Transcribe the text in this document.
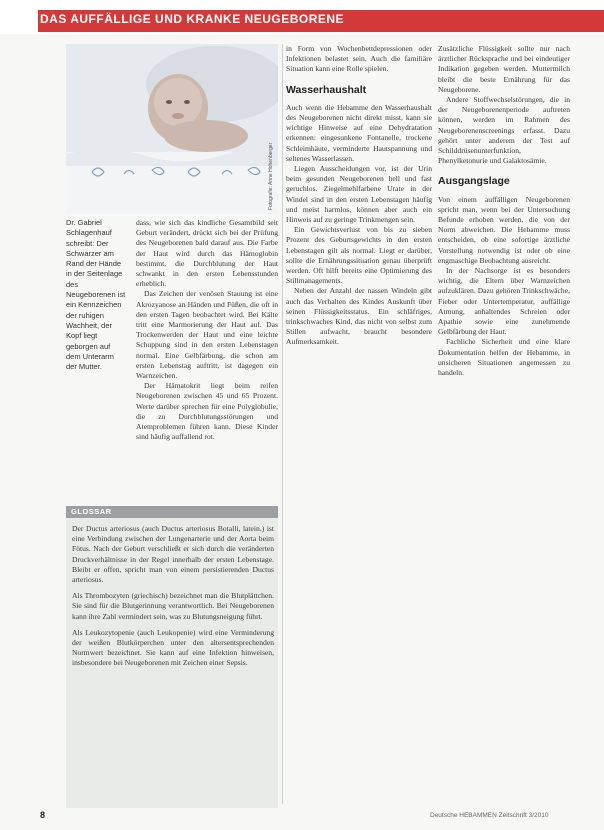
DAS AUFFÄLLIGE UND KRANKE NEUGEBORENE
Fotografie: Anne Hohenberger
Dr. Gabriel Schlagenhauf schreibt: Der Schwarzer am Rand der Hände in der Seitenlage des Neugeborenen ist ein Kennzeichen der ruhigen Wachheit, der Kopf liegt geborgen auf dem Unterarm der Mutter.

dass, wie sich das kindliche Gesamtbild seit Geburt verändert, drückt sich bei der Prüfung des Neugeborenen bald darauf aus. Die Farbe der Haut wird durch das Hämoglobin bestimmt, die Durchblutung der Haut schwankt in den ersten Lebensstunden erheblich.

Das Zeichen der venösen Stauung ist eine Akrozyanose an Händen und Füßen, die oft in den ersten Tagen beobachtet wird. Bei Kälte tritt eine Marmorierung der Haut auf. Das Trockenwerden der Haut und eine leichte Schuppung sind in den ersten Lebenstagen normal. Eine Gelbfärbung, die schon am ersten Lebenstag auftritt, ist dagegen ein Warnzeichen.

Der Hämatokrit liegt beim reifen Neugeborenen zwischen 45 und 65 Prozent. Werte darüber sprechen für eine Polyglobulie, die zu Durchblutungsstörungen und Atemproblemen führen kann. Diese Kinder sind häufig auffallend rot.

GLOSSAR

Der Ductus arteriosus (auch Ductus arteriosus Botalli, latein.) ist eine Verbindung zwischen der Lungenarterie und der Aorta beim Fötus. Nach der Geburt verschließt er sich durch die veränderten Druckverhältnisse in der Regel innerhalb der ersten Lebenstage. Bleibt er offen, spricht man von einem persistierenden Ductus arteriosus.

Als Thrombozyten (griechisch) bezeichnet man die Blutplättchen. Sie sind für die Blutgerinnung verantwortlich. Bei Neugeborenen kann ihre Zahl vermindert sein, was zu Blutungsneigung führt.

Als Leukozytopenie (auch Leukopenie) wird eine Verminderung der weißen Blutkörperchen unter den altersentsprechenden Normwert bezeichnet. Sie kann auf eine Infektion hinweisen, insbesondere bei Neugeborenen mit Zeichen einer Sepsis.

in Form von Wochenbettdepressionen oder Infektionen belastet sein. Auch die familiäre Situation kann eine Rolle spielen.

Wasserhaushalt

Auch wenn die Hebamme den Wasserhaushalt des Neugeborenen nicht direkt misst, kann sie wichtige Hinweise auf eine Dehydratation erkennen: eingesunkene Fontanelle, trockene Schleimhäute, verminderte Hautspannung und seltenes Wasserlassen.

Liegen Ausscheidungen vor, ist der Urin beim gesunden Neugeborenen hell und fast geruchlos. Ziegelmehlfarbene Urate in der Windel sind in den ersten Lebenstagen häufig und meist harmlos, können aber auch ein Hinweis auf zu geringe Trinkmengen sein.

Ein Gewichtsverlust von bis zu sieben Prozent des Geburtsgewichts in den ersten Lebenstagen gilt als normal. Liegt er darüber, sollte die Ernährungssituation genau überprüft werden. Oft hilft bereits eine Optimierung des Stillmanagements.

Neben der Anzahl der nassen Windeln gibt auch das Verhalten des Kindes Auskunft über seinen Flüssigkeitsstatus. Ein schläfriges, trinkschwaches Kind, das nicht von selbst zum Stillen aufwacht, braucht besondere Aufmerksamkeit.

Zusätzliche Flüssigkeit sollte nur nach ärztlicher Rücksprache und bei eindeutiger Indikation gegeben werden. Muttermilch bleibt die beste Ernährung für das Neugeborene.

Andere Stoffwechselstörungen, die in der Neugeborenenperiode auftreten können, werden im Rahmen des Neugeborenenscreenings erfasst. Dazu gehört unter anderem der Test auf Schilddrüsenunterfunktion, Phenylketonurie und Galaktosämie.

Ausgangslage

Von einem auffälligen Neugeborenen spricht man, wenn bei der Untersuchung Befunde erhoben werden, die von der Norm abweichen. Die Hebamme muss entscheiden, ob eine sofortige ärztliche Vorstellung notwendig ist oder ob eine engmaschige Beobachtung ausreicht.

In der Nachsorge ist es besonders wichtig, die Eltern über Warnzeichen aufzuklären. Dazu gehören Trinkschwäche, Fieber oder Untertemperatur, auffällige Atmung, anhaltendes Schreien oder Apathie sowie eine zunehmende Gelbfärbung der Haut.

Fachliche Sicherheit und eine klare Dokumentation helfen der Hebamme, in unsicheren Situationen angemessen zu handeln.

8	Deutsche HEBAMMEN Zeitschrift 3/2010
